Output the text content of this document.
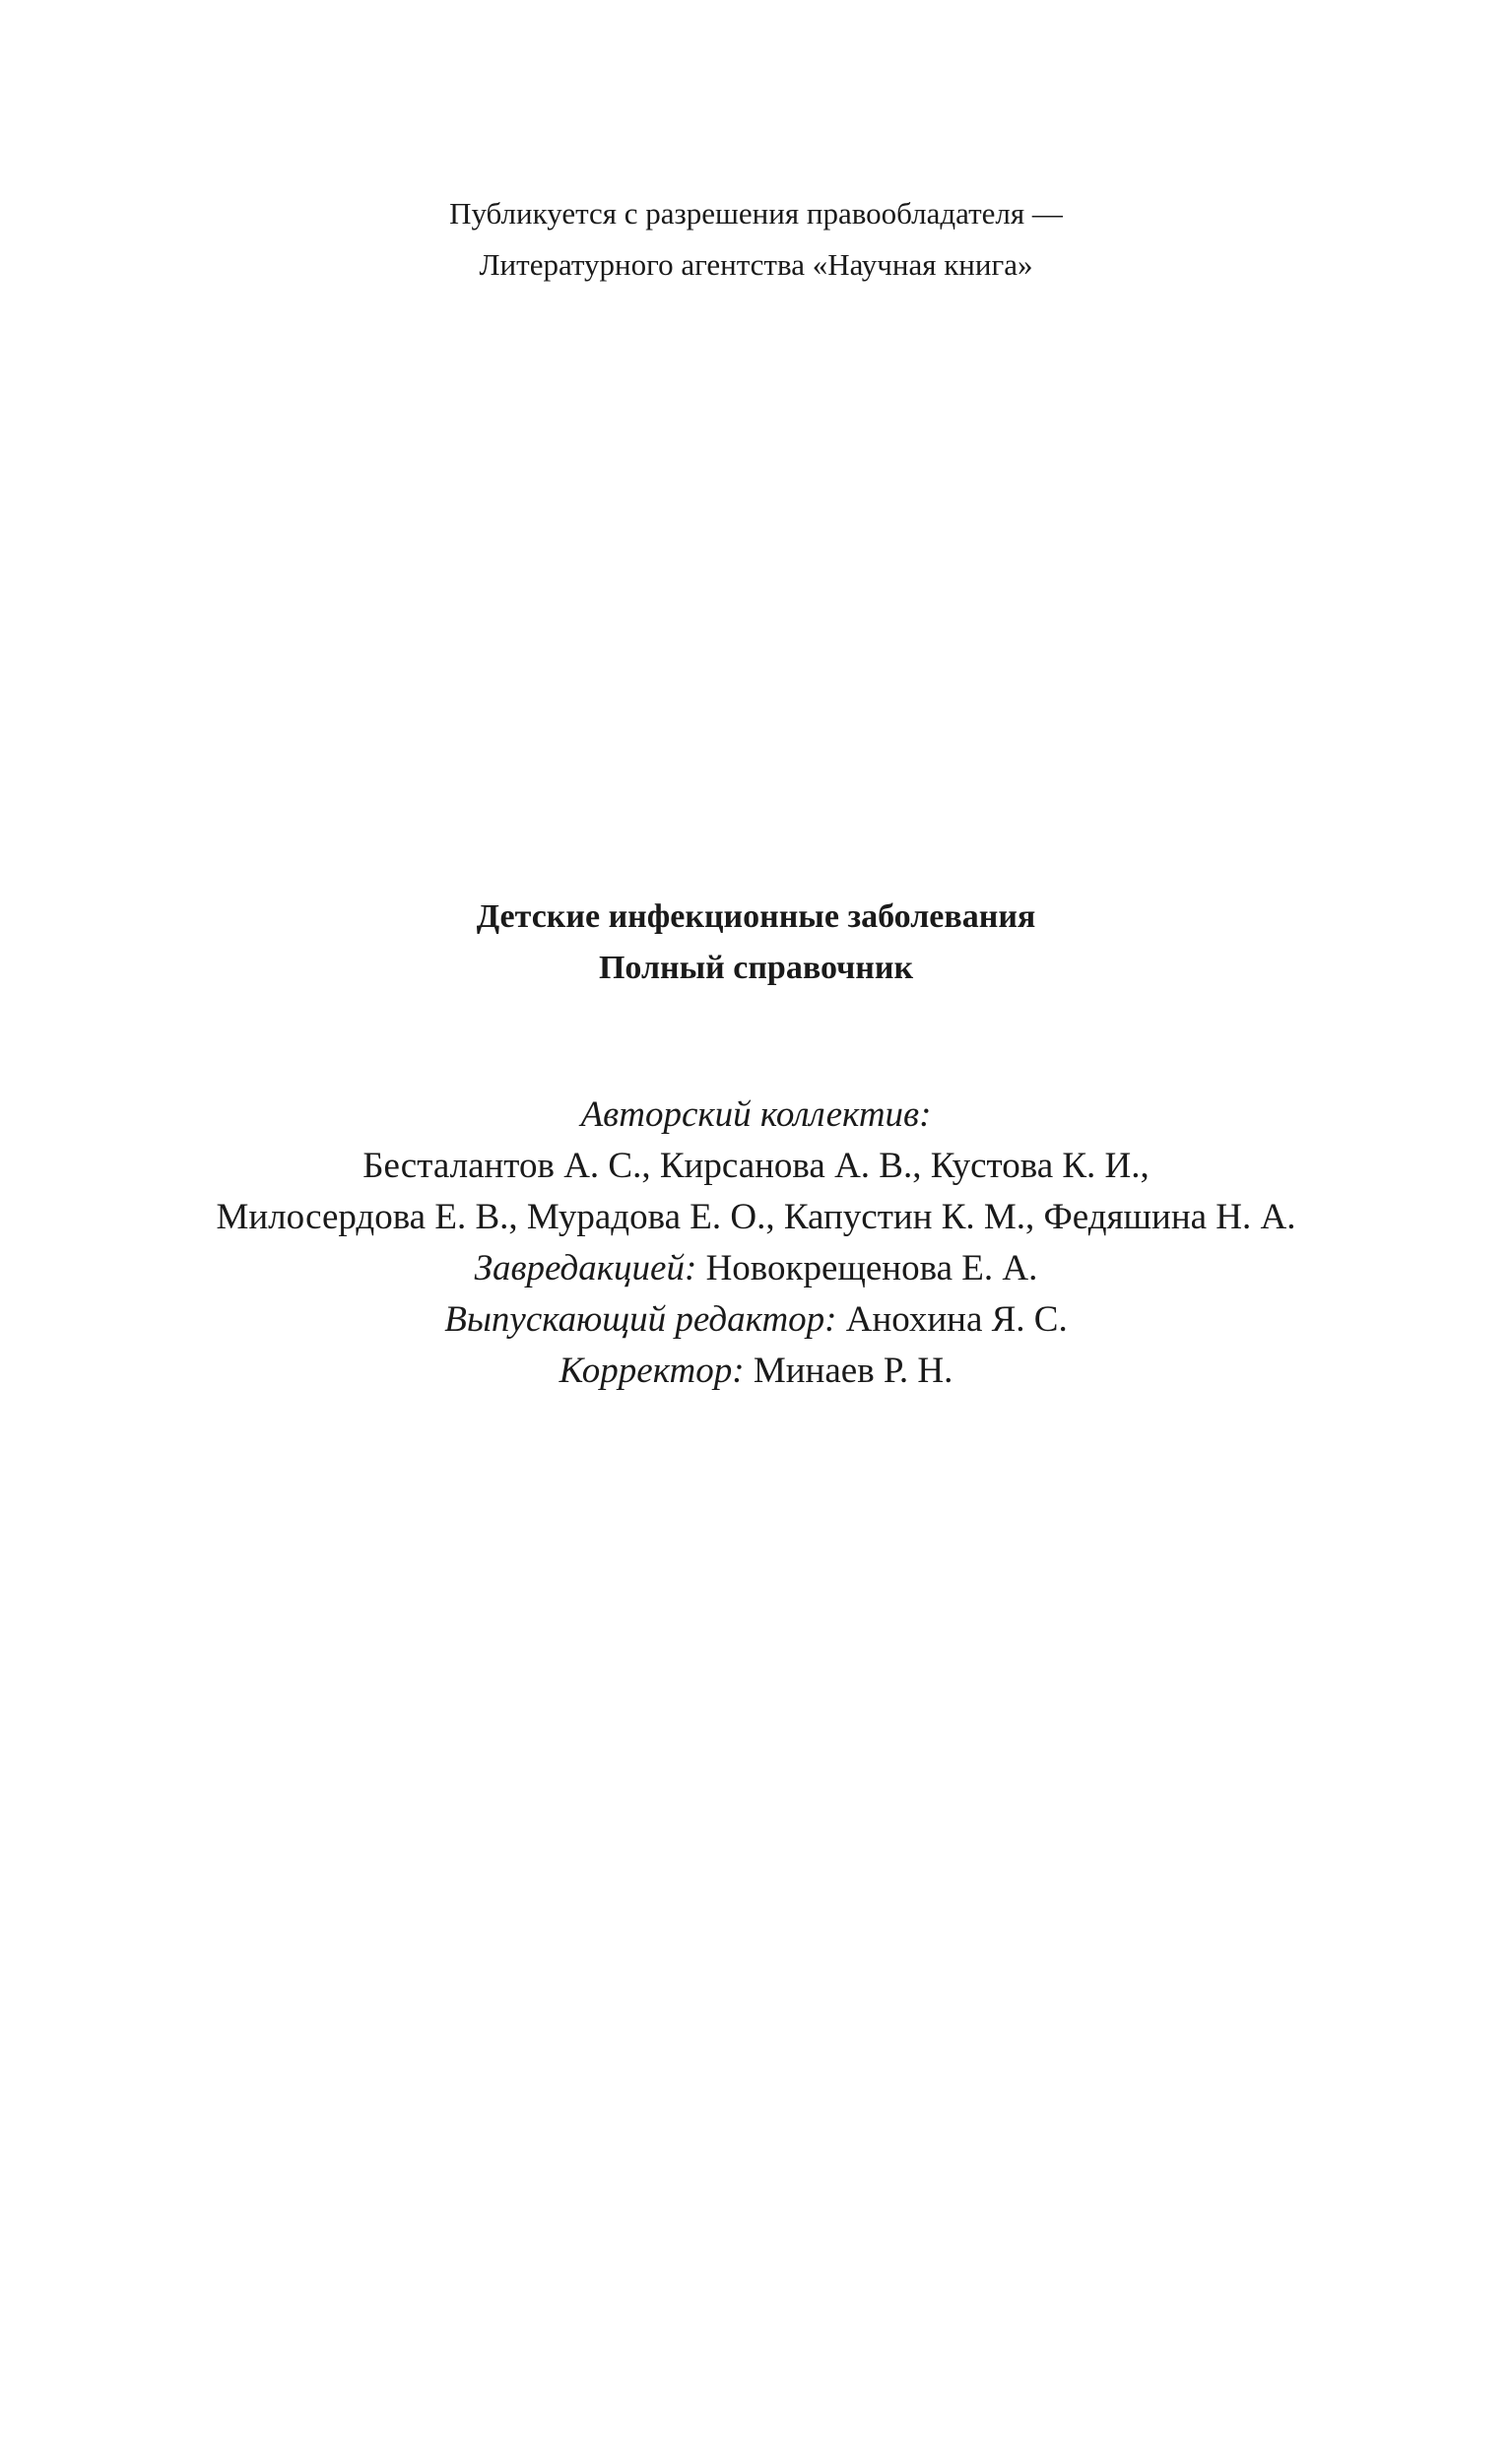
Публикуется с разрешения правообладателя —
Литературного агентства «Научная книга»
Детские инфекционные заболевания
Полный справочник
Авторский коллектив:
Бесталантов А. С., Кирсанова А. В., Кустова К. И.,
Милосердова Е. В., Мурадова Е. О., Капустин К. М., Федяшина Н. А.
Завредакцией: Новокрещенова Е. А.
Выпускающий редактор: Анохина Я. С.
Корректор: Минаев Р. Н.
